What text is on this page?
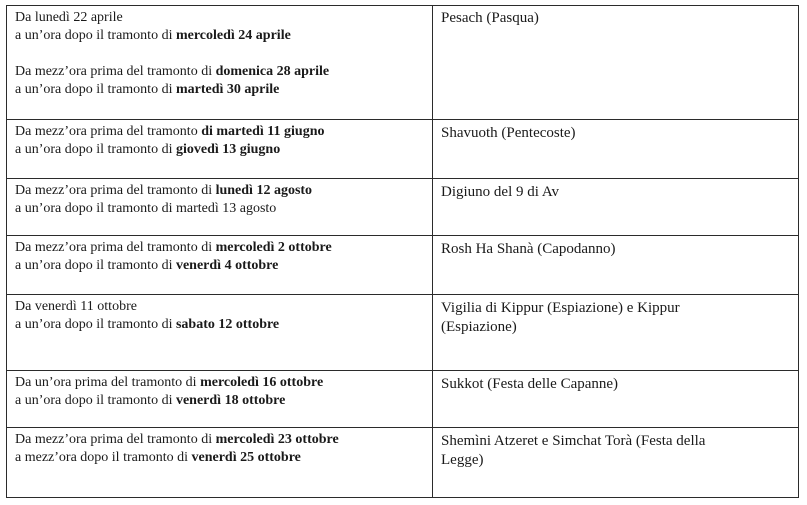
Da lunedì 22 aprile
a un’ora dopo il tramonto di mercoledì 24 aprile
Da mezz’ora prima del tramonto di domenica 28 aprile
a un’ora dopo il tramonto di martedì 30 aprile	Pesach (Pasqua)

Da mezz’ora prima del tramonto di martedì 11 giugno
a un’ora dopo il tramonto di giovedì 13 giugno	Shavuoth (Pentecoste)

Da mezz’ora prima del tramonto di lunedì 12 agosto
a un’ora dopo il tramonto di martedì 13 agosto	Digiuno del 9 di Av

Da mezz’ora prima del tramonto di mercoledì 2 ottobre
a un’ora dopo il tramonto di venerdì 4 ottobre	Rosh Ha Shanà (Capodanno)

Da venerdì 11 ottobre
a un’ora dopo il tramonto di sabato 12 ottobre	Vigilia di Kippur (Espiazione) e Kippur
(Espiazione)

Da un’ora prima del tramonto di mercoledì 16 ottobre
a un’ora dopo il tramonto di venerdì 18 ottobre	Sukkot (Festa delle Capanne)

Da mezz’ora prima del tramonto di mercoledì 23 ottobre
a mezz’ora dopo il tramonto di venerdì 25 ottobre	Shemìni Atzeret e Simchat Torà (Festa della
Legge)
